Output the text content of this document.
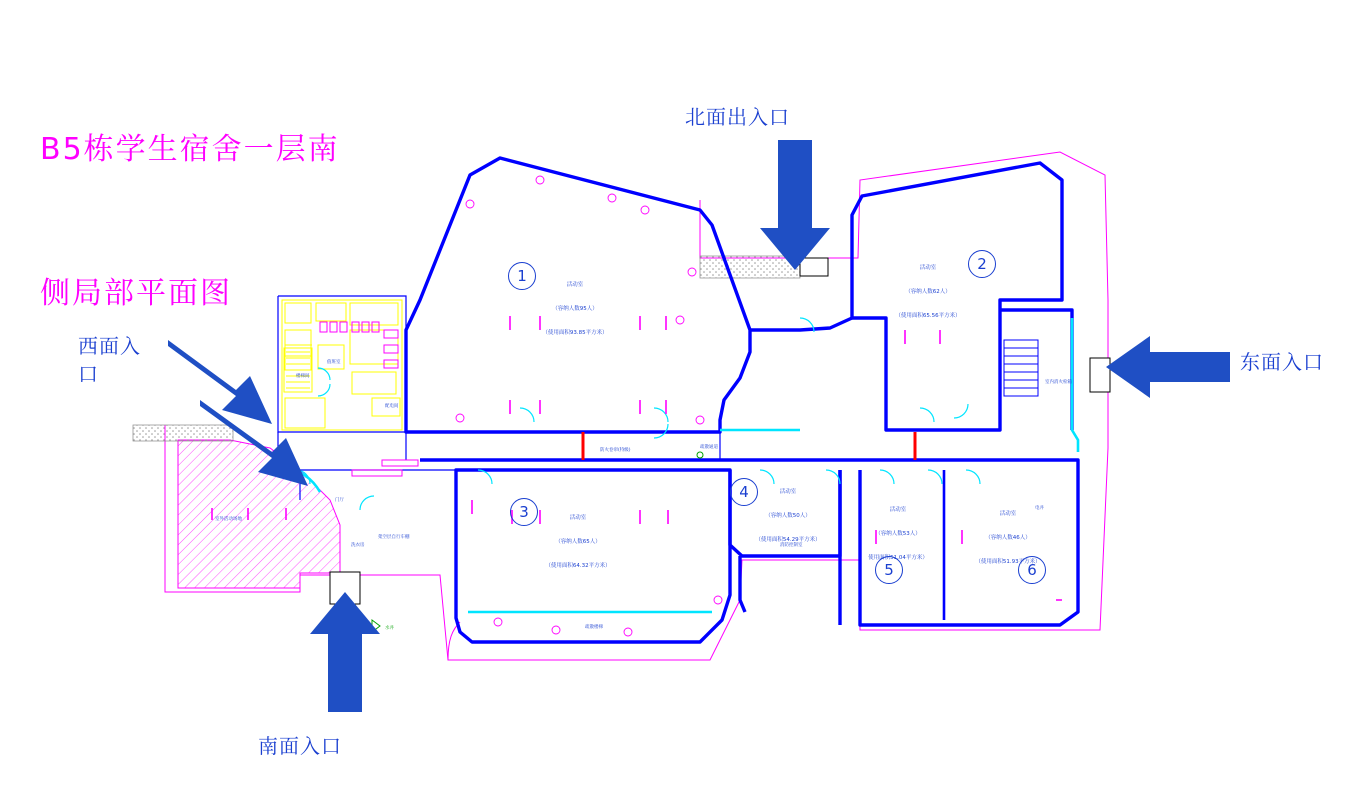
B5栋学生宿舍一层南

侧局部平面图

北面出入口
西面入口	东面入口
南面入口
1
2
3
4
5	6

活动室

（容纳人数95人）

（使用面积93.85平方米）

活动室

（容纳人数62人）

（使用面积65.56平方米）

活动室

（容纳人数65人）

（使用面积64.32平方米）

活动室

（容纳人数50人）

（使用面积54.29平方米）

活动室

（容纳人数53人）

使用面积51.04平方米）

活动室

（容纳人数46人）

（使用面积51.93平方米）

室外活动场地
架空层自行车棚
值班室
消防控制室
室内消火栓箱
防火卷帘(特级)
疏散通道
疏散楼梯
门厅
洗衣房
配电间
楼梯间
水井
电井
